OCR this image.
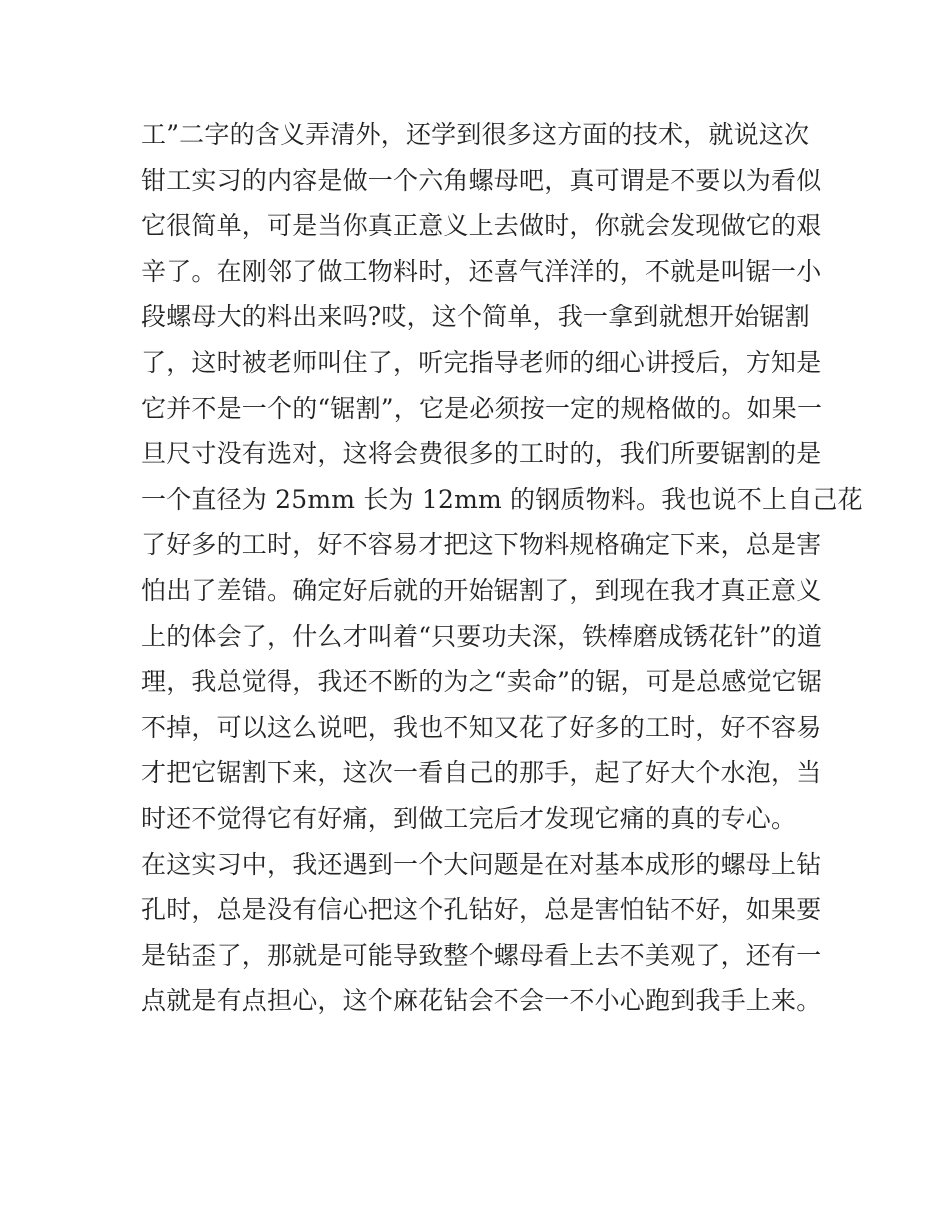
工”二字的含义弄清外，还学到很多这方面的技术，就说这次
钳工实习的内容是做一个六角螺母吧，真可谓是不要以为看似
它很简单，可是当你真正意义上去做时，你就会发现做它的艰
辛了。在刚邻了做工物料时，还喜气洋洋的，不就是叫锯一小
段螺母大的料出来吗?哎，这个简单，我一拿到就想开始锯割
了，这时被老师叫住了，听完指导老师的细心讲授后，方知是
它并不是一个的“锯割”，它是必须按一定的规格做的。如果一
旦尺寸没有选对，这将会费很多的工时的，我们所要锯割的是
一个直径为 25mm 长为 12mm 的钢质物料。我也说不上自己花
了好多的工时，好不容易才把这下物料规格确定下来，总是害
怕出了差错。确定好后就的开始锯割了，到现在我才真正意义
上的体会了，什么才叫着“只要功夫深，铁棒磨成锈花针”的道
理，我总觉得，我还不断的为之“卖命”的锯，可是总感觉它锯
不掉，可以这么说吧，我也不知又花了好多的工时，好不容易
才把它锯割下来，这次一看自己的那手，起了好大个水泡，当
时还不觉得它有好痛，到做工完后才发现它痛的真的专心。
在这实习中，我还遇到一个大问题是在对基本成形的螺母上钻
孔时，总是没有信心把这个孔钻好，总是害怕钻不好，如果要
是钻歪了，那就是可能导致整个螺母看上去不美观了，还有一
点就是有点担心，这个麻花钻会不会一不小心跑到我手上来。
